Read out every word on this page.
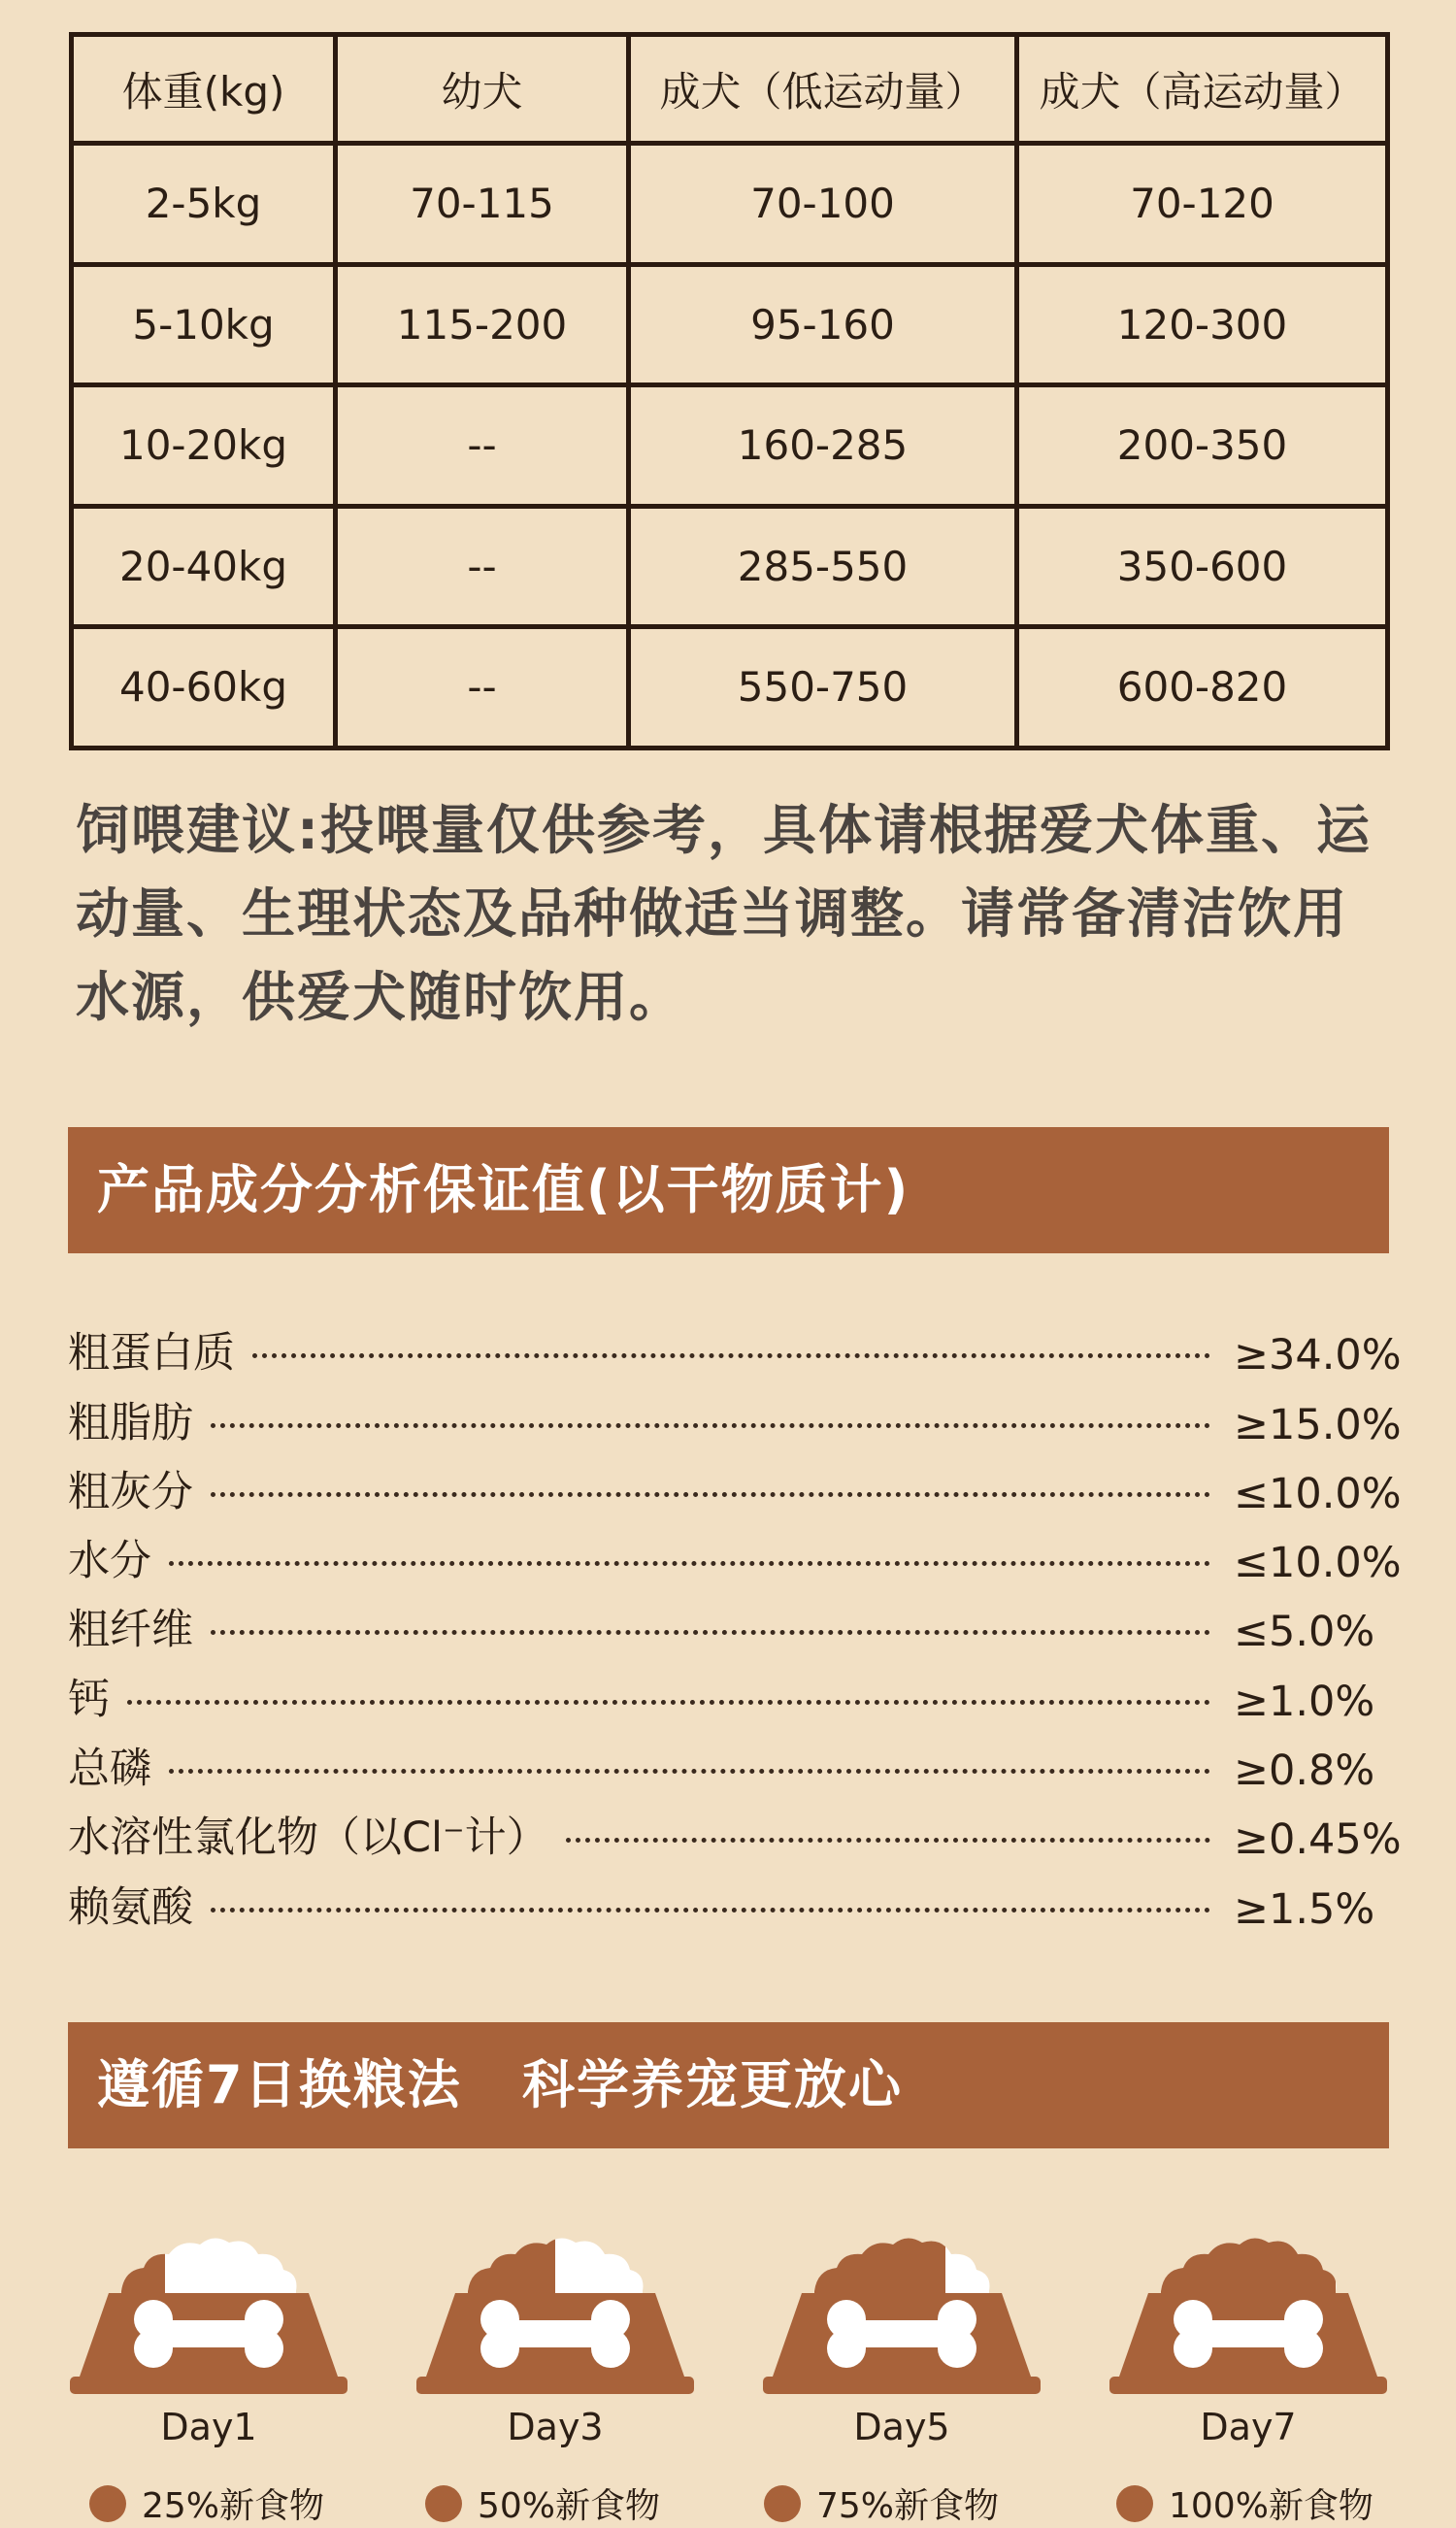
体重(kg)	幼犬	成犬（低运动量）	成犬（高运动量）
2-5kg	70-115	70-100	70-120
5-10kg	115-200	95-160	120-300
10-20kg	--	160-285	200-350
20-40kg	--	285-550	350-600
40-60kg	--	550-750	600-820
饲喂建议:投喂量仅供参考，具体请根据爱犬体重、运动量、生理状态及品种做适当调整。请常备清洁饮用水源，供爱犬随时饮用。
产品成分分析保证值(以干物质计)
粗蛋白质	≥34.0%
粗脂肪	≥15.0%
粗灰分	≤10.0%
水分	≤10.0%
粗纤维	≤5.0%
钙	≥1.0%
总磷	≥0.8%
水溶性氯化物（以Cl⁻计）	≥0.45%
赖氨酸	≥1.5%
遵循7日换粮法   科学养宠更放心
Day1	Day3	Day5	Day7
25%新食物	50%新食物	75%新食物	100%新食物
